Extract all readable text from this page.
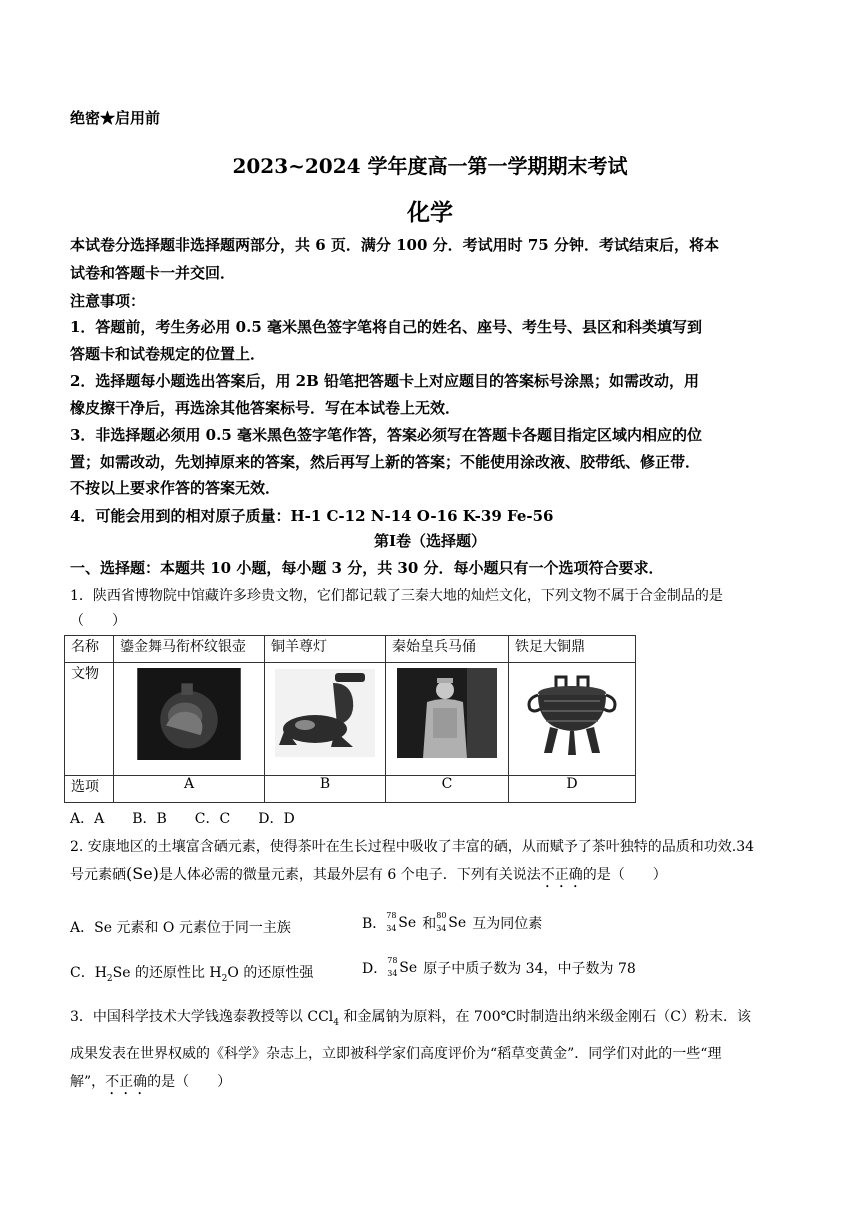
绝密★启用前
2023~2024 学年度高一第一学期期末考试
化学
本试卷分选择题非选择题两部分，共 6 页．满分 100 分．考试用时 75 分钟．考试结束后，将本
试卷和答题卡一并交回．
注意事项：
1．答题前，考生务必用 0.5 毫米黑色签字笔将自己的姓名、座号、考生号、县区和科类填写到
答题卡和试卷规定的位置上．
2．选择题每小题选出答案后，用 2B 铅笔把答题卡上对应题目的答案标号涂黑；如需改动，用
橡皮擦干净后，再选涂其他答案标号．写在本试卷上无效．
3．非选择题必须用 0.5 毫米黑色签字笔作答，答案必须写在答题卡各题目指定区域内相应的位
置；如需改动，先划掉原来的答案，然后再写上新的答案；不能使用涂改液、胶带纸、修正带．
不按以上要求作答的答案无效．
4．可能会用到的相对原子质量：H-1 C-12 N-14 O-16 K-39 Fe-56
第Ⅰ卷（选择题）
一、选择题：本题共 10 小题，每小题 3 分，共 30 分．每小题只有一个选项符合要求．
1．陕西省博物院中馆藏许多珍贵文物，它们都记载了三秦大地的灿烂文化，下列文物不属于合金制品的是
（　　）
名称	鎏金舞马衔杯纹银壶	铜羊尊灯	秦始皇兵马俑	铁足大铜鼎
文物	

选项	A	B	C	D
A．A　　B．B　　C．C　　D．D
2. 安康地区的土壤富含硒元素，使得茶叶在生长过程中吸收了丰富的硒，从而赋予了茶叶独特的品质和功效.34
号元素硒(Se)是人体必需的微量元素，其最外层有 6 个电子．下列有关说法不正确的是（　　）
A．Se 元素和 O 元素位于同一主族	B．
78
34 Se 和
80
34 Se 互为同位素
C．$H_2Se$ 的还原性比 $H_2O$ 的还原性强	D．
78
34 Se 原子中质子数为 34，中子数为 78
3．中国科学技术大学钱逸泰教授等以 CCl$_4$ 和金属钠为原料，在 700℃时制造出纳米级金刚石（C）粉末．该
成果发表在世界权威的《科学》杂志上，立即被科学家们高度评价为“稻草变黄金”．同学们对此的一些“理
解”，不正确的是（　　）
